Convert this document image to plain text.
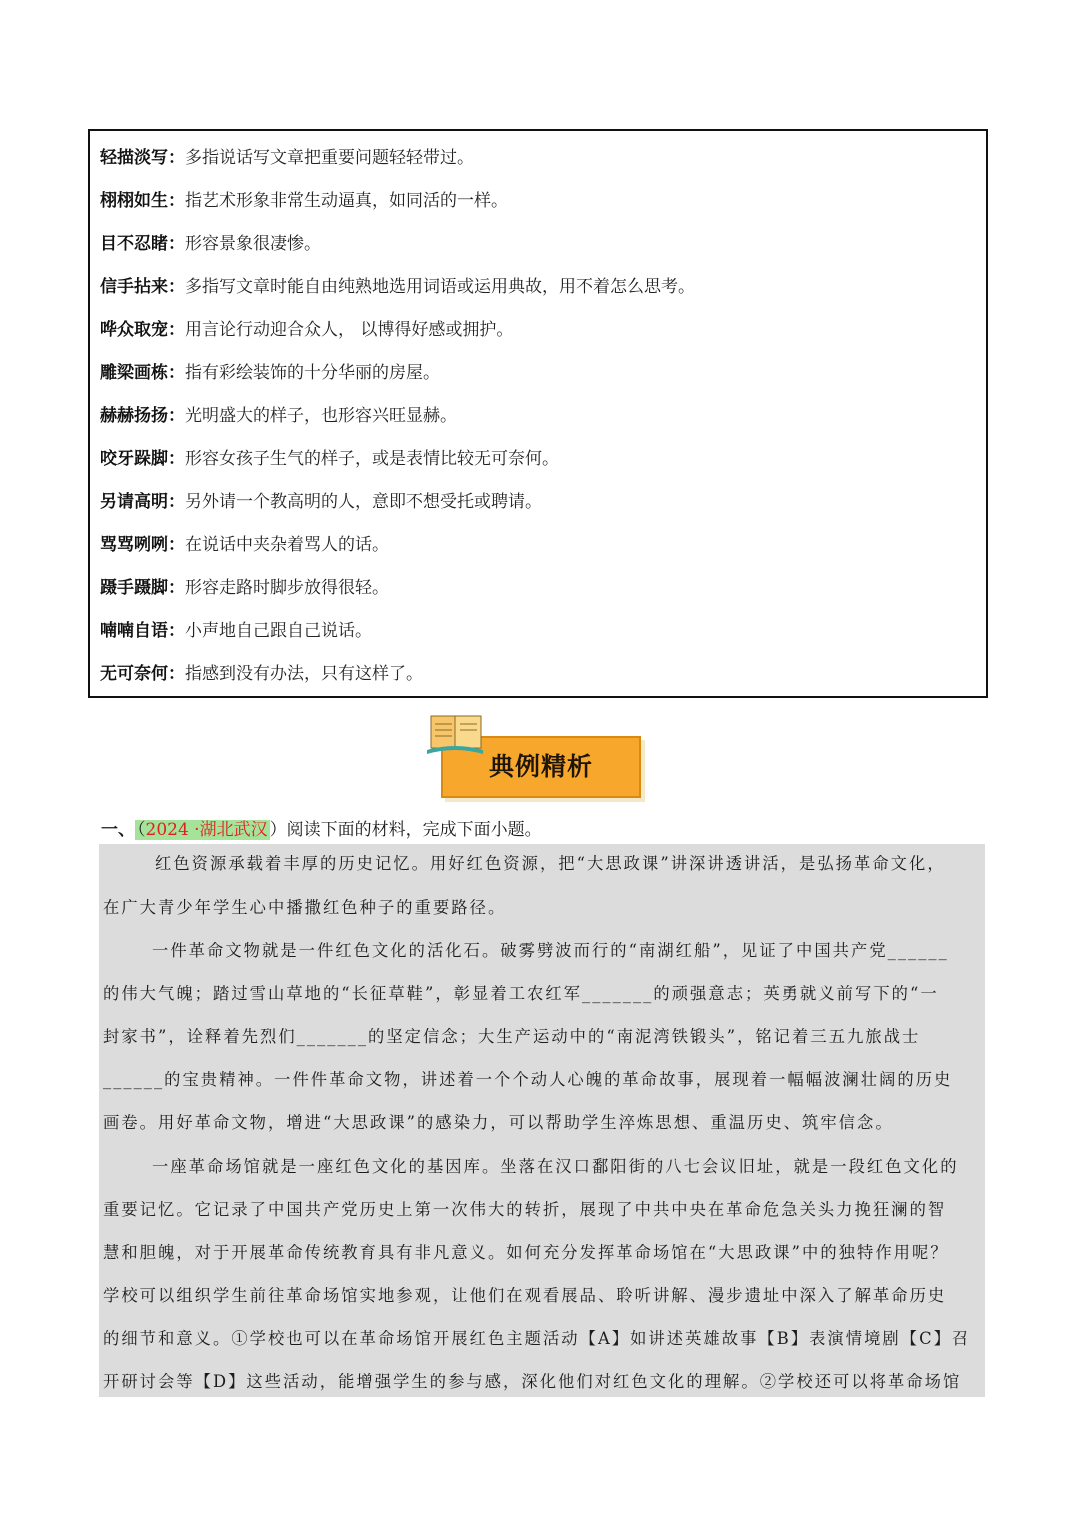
轻描淡写：多指说话写文章把重要问题轻轻带过。
栩栩如生：指艺术形象非常生动逼真，如同活的一样。
目不忍睹：形容景象很凄惨。
信手拈来：多指写文章时能自由纯熟地选用词语或运用典故，用不着怎么思考。
哗众取宠：用言论行动迎合众人， 以博得好感或拥护。
雕梁画栋：指有彩绘装饰的十分华丽的房屋。
赫赫扬扬：光明盛大的样子，也形容兴旺显赫。
咬牙跺脚：形容女孩子生气的样子，或是表情比较无可奈何。
另请高明：另外请一个教高明的人，意即不想受托或聘请。
骂骂咧咧：在说话中夹杂着骂人的话。
蹑手蹑脚：形容走路时脚步放得很轻。
喃喃自语：小声地自己跟自己说话。
无可奈何：指感到没有办法，只有这样了。
典例精析
一、 （2024 ·湖北武汉 ）阅读下面的材料，完成下面小题。
红色资源承载着丰厚的历史记忆。用好红色资源，把“大思政课”讲深讲透讲活，是弘扬革命文化，
在广大青少年学生心中播撒红色种子的重要路径。
一件革命文物就是一件红色文化的活化石。破雾劈波而行的“南湖红船”，见证了中国共产党______
的伟大气魄；踏过雪山草地的“长征草鞋”，彰显着工农红军_______的顽强意志；英勇就义前写下的“一
封家书”，诠释着先烈们_______的坚定信念；大生产运动中的“南泥湾铁锻头”，铭记着三五九旅战士
______的宝贵精神。一件件革命文物，讲述着一个个动人心魄的革命故事，展现着一幅幅波澜壮阔的历史
画卷。用好革命文物，增进“大思政课”的感染力，可以帮助学生淬炼思想、重温历史、筑牢信念。
一座革命场馆就是一座红色文化的基因库。坐落在汉口鄱阳街的八七会议旧址，就是一段红色文化的
重要记忆。它记录了中国共产党历史上第一次伟大的转折，展现了中共中央在革命危急关头力挽狂澜的智
慧和胆魄，对于开展革命传统教育具有非凡意义。如何充分发挥革命场馆在“大思政课”中的独特作用呢？
学校可以组织学生前往革命场馆实地参观，让他们在观看展品、聆听讲解、漫步遗址中深入了解革命历史
的细节和意义。①学校也可以在革命场馆开展红色主题活动【A】如讲述英雄故事【B】表演情境剧【C】召
开研讨会等【D】这些活动，能增强学生的参与感，深化他们对红色文化的理解。②学校还可以将革命场馆
